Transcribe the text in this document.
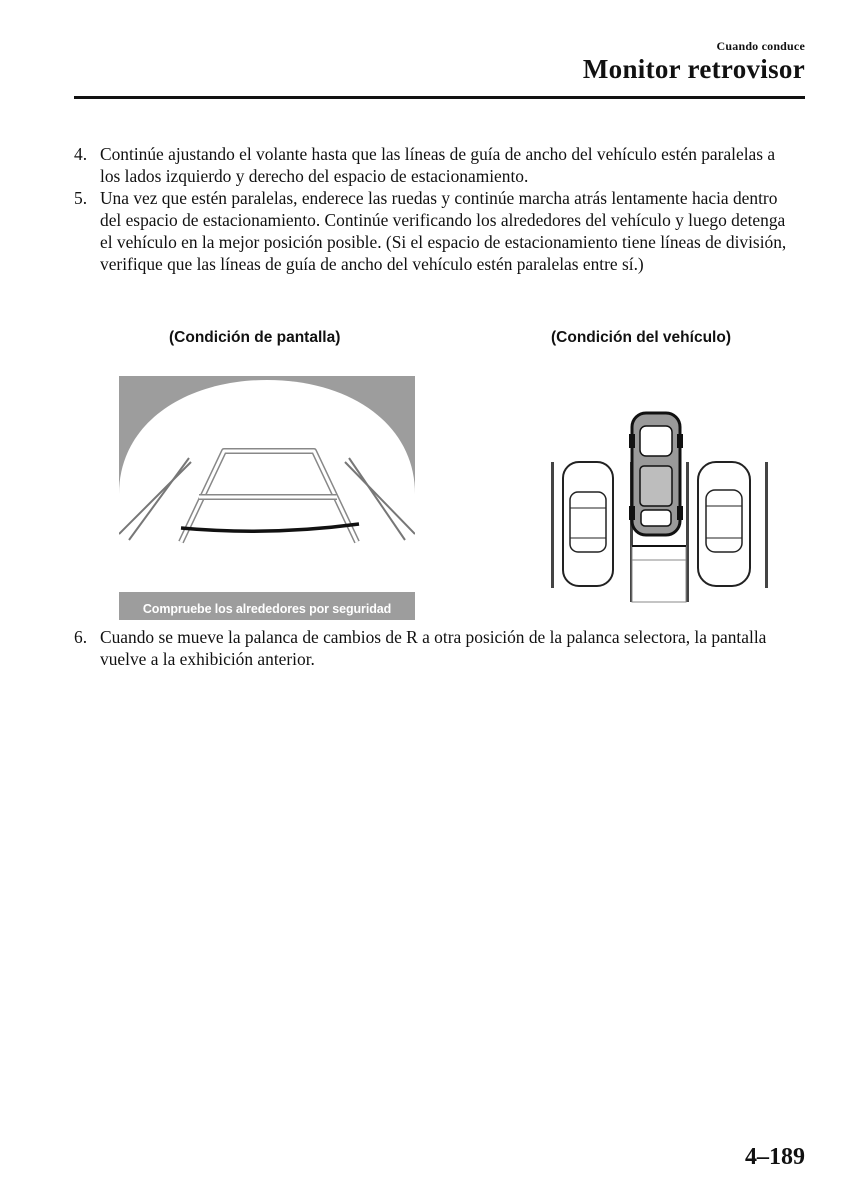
Cuando conduce
Monitor retrovisor
4. Continúe ajustando el volante hasta que las líneas de guía de ancho del vehículo estén paralelas a los lados izquierdo y derecho del espacio de estacionamiento.
5. Una vez que estén paralelas, enderece las ruedas y continúe marcha atrás lentamente hacia dentro del espacio de estacionamiento. Continúe verificando los alrededores del vehículo y luego detenga el vehículo en la mejor posición posible. (Si el espacio de estacionamiento tiene líneas de división, verifique que las líneas de guía de ancho del vehículo estén paralelas entre sí.)
(Condición de pantalla)	(Condición del vehículo)
Compruebe los alrededores por seguridad
6. Cuando se mueve la palanca de cambios de R a otra posición de la palanca selectora, la pantalla vuelve a la exhibición anterior.
4–189
